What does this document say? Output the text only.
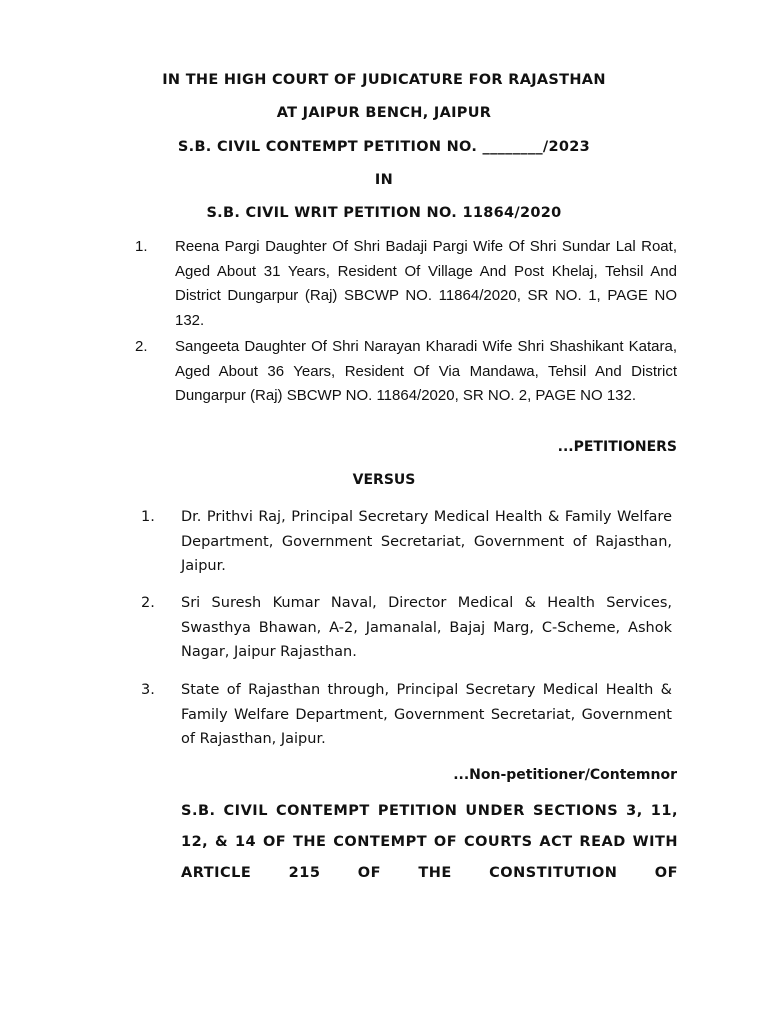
IN THE HIGH COURT OF JUDICATURE FOR RAJASTHAN
AT JAIPUR BENCH, JAIPUR
S.B. CIVIL CONTEMPT PETITION NO. ________/2023
IN
S.B. CIVIL WRIT PETITION NO. 11864/2020
1. Reena Pargi Daughter Of Shri Badaji Pargi Wife Of Shri Sundar Lal Roat, Aged About 31 Years, Resident Of Village And Post Khelaj, Tehsil And District Dungarpur (Raj) SBCWP NO. 11864/2020, SR NO. 1, PAGE NO 132.

2. Sangeeta Daughter Of Shri Narayan Kharadi Wife Shri Shashikant Katara, Aged About 36 Years, Resident Of Via Mandawa, Tehsil And District Dungarpur (Raj) SBCWP NO. 11864/2020, SR NO. 2, PAGE NO 132.

...PETITIONERS
VERSUS
1. Dr. Prithvi Raj, Principal Secretary Medical Health & Family Welfare Department, Government Secretariat, Government of Rajasthan, Jaipur.

2. Sri Suresh Kumar Naval, Director Medical & Health Services, Swasthya Bhawan, A-2, Jamanalal, Bajaj Marg, C-Scheme, Ashok Nagar, Jaipur Rajasthan.

3. State of Rajasthan through, Principal Secretary Medical Health & Family Welfare Department, Government Secretariat, Government of Rajasthan, Jaipur.

...Non-petitioner/Contemnor

S.B. CIVIL CONTEMPT PETITION UNDER SECTIONS 3, 11, 12, & 14 OF THE CONTEMPT OF COURTS ACT READ WITH ARTICLE 215 OF THE CONSTITUTION OF
